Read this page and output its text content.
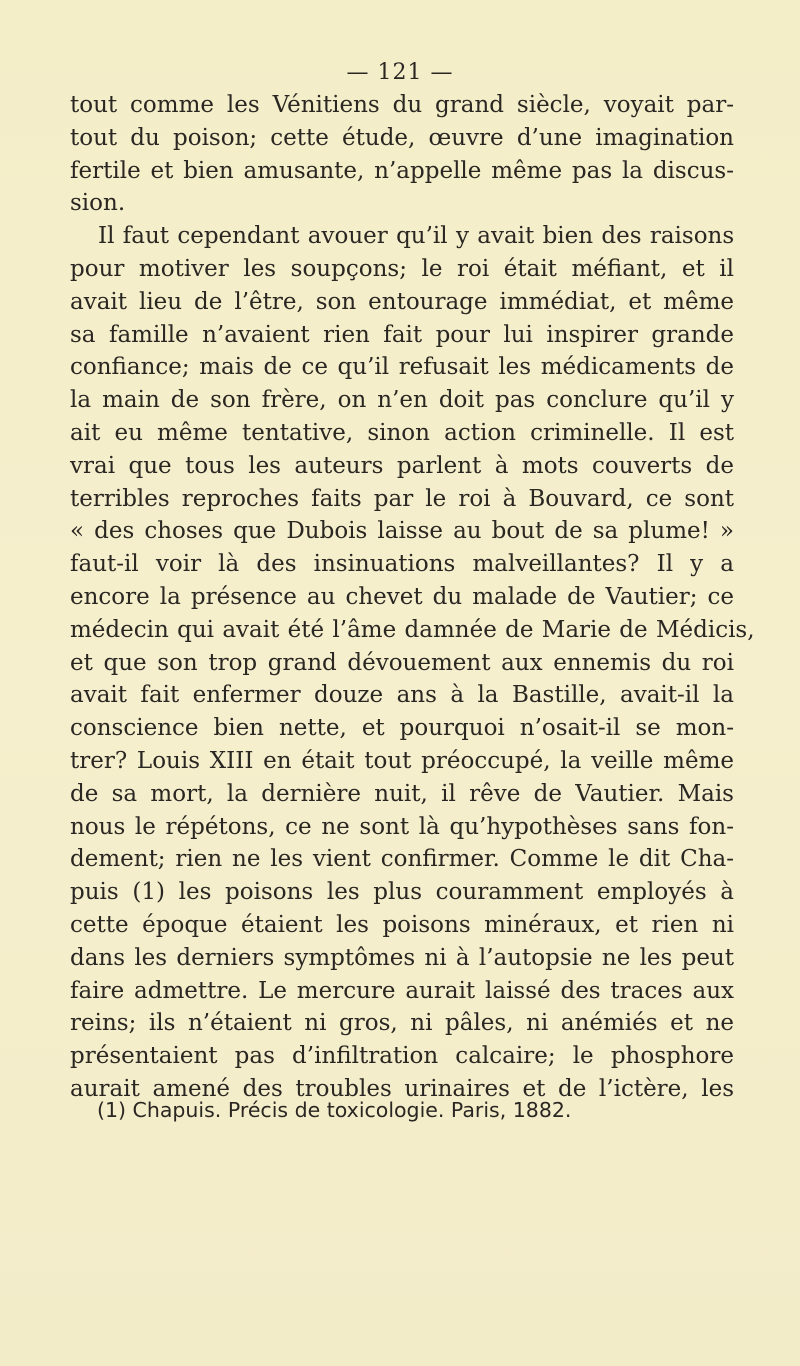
— 121 —
tout comme les Vénitiens du grand siècle, voyait par-
tout du poison; cette étude, œuvre d’une imagination
fertile et bien amusante, n’appelle même pas la discus-
sion.
Il faut cependant avouer qu’il y avait bien des raisons
pour motiver les soupçons; le roi était méfiant, et il
avait lieu de l’être, son entourage immédiat, et même
sa famille n’avaient rien fait pour lui inspirer grande
confiance; mais de ce qu’il refusait les médicaments de
la main de son frère, on n’en doit pas conclure qu’il y
ait eu même tentative, sinon action criminelle. Il est
vrai que tous les auteurs parlent à mots couverts de
terribles reproches faits par le roi à Bouvard, ce sont
« des choses que Dubois laisse au bout de sa plume! »
faut-il voir là des insinuations malveillantes? Il y a
encore la présence au chevet du malade de Vautier; ce
médecin qui avait été l’âme damnée de Marie de Médicis,
et que son trop grand dévouement aux ennemis du roi
avait fait enfermer douze ans à la Bastille, avait-il la
conscience bien nette, et pourquoi n’osait-il se mon-
trer? Louis XIII en était tout préoccupé, la veille même
de sa mort, la dernière nuit, il rêve de Vautier. Mais
nous le répétons, ce ne sont là qu’hypothèses sans fon-
dement; rien ne les vient confirmer. Comme le dit Cha-
puis (1) les poisons les plus couramment employés à
cette époque étaient les poisons minéraux, et rien ni
dans les derniers symptômes ni à l’autopsie ne les peut
faire admettre. Le mercure aurait laissé des traces aux
reins; ils n’étaient ni gros, ni pâles, ni anémiés et ne
présentaient pas d’infiltration calcaire; le phosphore
aurait amené des troubles urinaires et de l’ictère, les
(1) Chapuis. Précis de toxicologie. Paris, 1882.
